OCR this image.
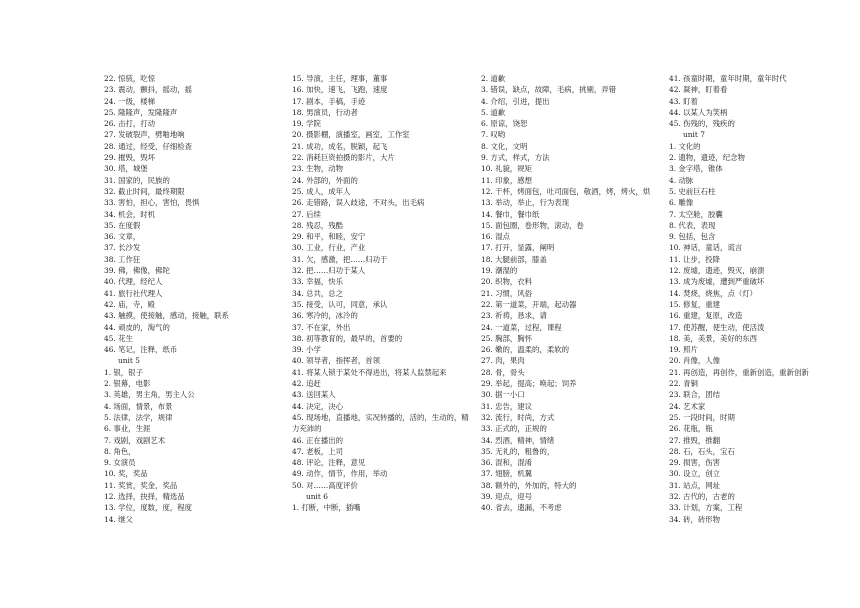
22. 惊骇，吃惊
23. 震动，颤抖，摇动，摇
24. 一级，楼梯
25. 隆隆声，发隆隆声
26. 击打，打动
27. 发破裂声，劈啪地响
28. 通过，经受，仔细检查
29. 摧毁，毁坏
30. 塔，城堡
31. 国家的，民族的
32. 截止时间，最终期限
33. 害怕，担心，害怕，畏惧
34. 机会，时机
35. 在度假
36. 文章，
37. 长沙发
38. 工作狂
39. 佛，佛像，佛陀
40. 代理，经纪人
41. 旅行社代理人
42. 庙，寺，殿
43. 触摸，使接触，感动，接触，联系
44. 顽皮的，淘气的
45. 花生
46. 笔记，注释，纸币
unit 5
1. 银，银子
2. 银幕，电影
3. 英雄，男主角，男主人公
4. 场面，情景，布景
5. 法律，法学，规律
6. 事业，生涯
7. 戏剧，戏剧艺术
8. 角色，
9. 女演员
10. 奖，奖品
11. 奖赏，奖金，奖品
12. 选择，抉择，精选品
13. 学位，度数，度，程度
14. 继父
15. 导演，主任，理事，董事
16. 加快，速飞，飞跑，速度
17. 剧本，手稿，手迹
18. 男演员，行动者
19. 学院
20. 摄影棚，演播室，画室，工作室
21. 成功，成名，脱颖，起飞
22. 消耗巨资拍摄的影片，大片
23. 生物，动物
24. 外部的，外面的
25. 成人，成年人
26. 走错路，误入歧途，不对头，出毛病
27. 后续
28. 残忍，残酷
29. 和平，和睦，安宁
30. 工业，行业，产业
31. 欠，感激，把……归功于
32. 把……归功于某人
33. 幸福，快乐
34. 总共，总之
35. 接受，认可，同意，承认
36. 寒冷的，冰冷的
37. 不在家，外出
38. 初等教育的，最早的，首要的
39. 小学
40. 领导者，指挥者，首领
41. 将某人锁于某处不得进出，将某人监禁起来
42. 追赶
43. 送回某人
44. 决定，决心
45. 现场地，直播地，实况转播的，活的，生动的，精力充沛的
46. 正在播出的
47. 老板，上司
48. 评论，注释，意见
49. 动作，情节，作用，举动
50. 对……高度评价
unit 6
1. 打断，中断，插嘴
2. 道歉
3. 错误，缺点，故障，毛病，挑剔，弄错
4. 介绍，引进，提出
5. 道歉
6. 原谅，饶恕
7. 叹哟
8. 文化，文明
9. 方式，样式，方法
10. 礼貌，规矩
11. 印象，感想
12. 干杯，烤面包，吐司面包，敬酒，烤，烤火，烘
13. 举动，举止，行为表现
14. 餐巾，餐巾纸
15. 面包圈，卷形物，滚动，卷
16. 湿点
17. 打开，显露，阐明
18. 大腿前部，膝盖
19. 潮湿的
20. 织物，衣料
21. 习惯，风俗
22. 第一道菜，开端，起动器
23. 祈祷，恳求，请
24. 一道菜，过程，课程
25. 胸部，胸怀
26. 嫩的，温柔的，柔软的
27. 肉，果肉
28. 骨，骨头
29. 举起，提高；唤起；饲养
30. 据一小口
31. 忠告，建议
32. 流行，时尚，方式
33. 正式的，正规的
34. 烈酒，精神，情绪
35. 无礼的，粗鲁的，
36. 混和，混淆
37. 翅膀，机翼
38. 额外的，外加的，特大的
39. 迎点，迎号
40. 省去，遗漏，不考虑
41. 孩童时期，童年时期，童年时代
42. 凝神，盯着看
43. 盯着
44. 以某人为笑柄
45. 伤残的，残疾的
unit 7
1. 文化的
2. 遗物，遗迹，纪念物
3. 金字塔，锥体
4. 动脉
5. 史前巨石柱
6. 雕像
7. 太空舱，胶囊
8. 代表，表现
9. 包括，包含
10. 神话，童话，谎言
11. 让步，投降
12. 废墟，遗迹，毁灭，崩溃
13. 成为废墟，遭到严重破坏
14. 焚烧，烧焦，点（灯）
15. 修复，重建
16. 重建，复原，改造
17. 使苏醒，使生动，使活泼
18. 美，美景，美好的东西
19. 照片
20. 肖像，人像
21. 再创造，再创作，重新创造，重新创新
22. 青铜
23. 联合，团结
24. 艺术家
25. 一段时间，时期
26. 花瓶，瓶
27. 推毁，推翻
28. 石，石头，宝石
29. 损害，伤害
30. 设立，创立
31. 站点，网址
32. 古代的，古老的
33. 计划，方案，工程
34. 砖，砖形物
